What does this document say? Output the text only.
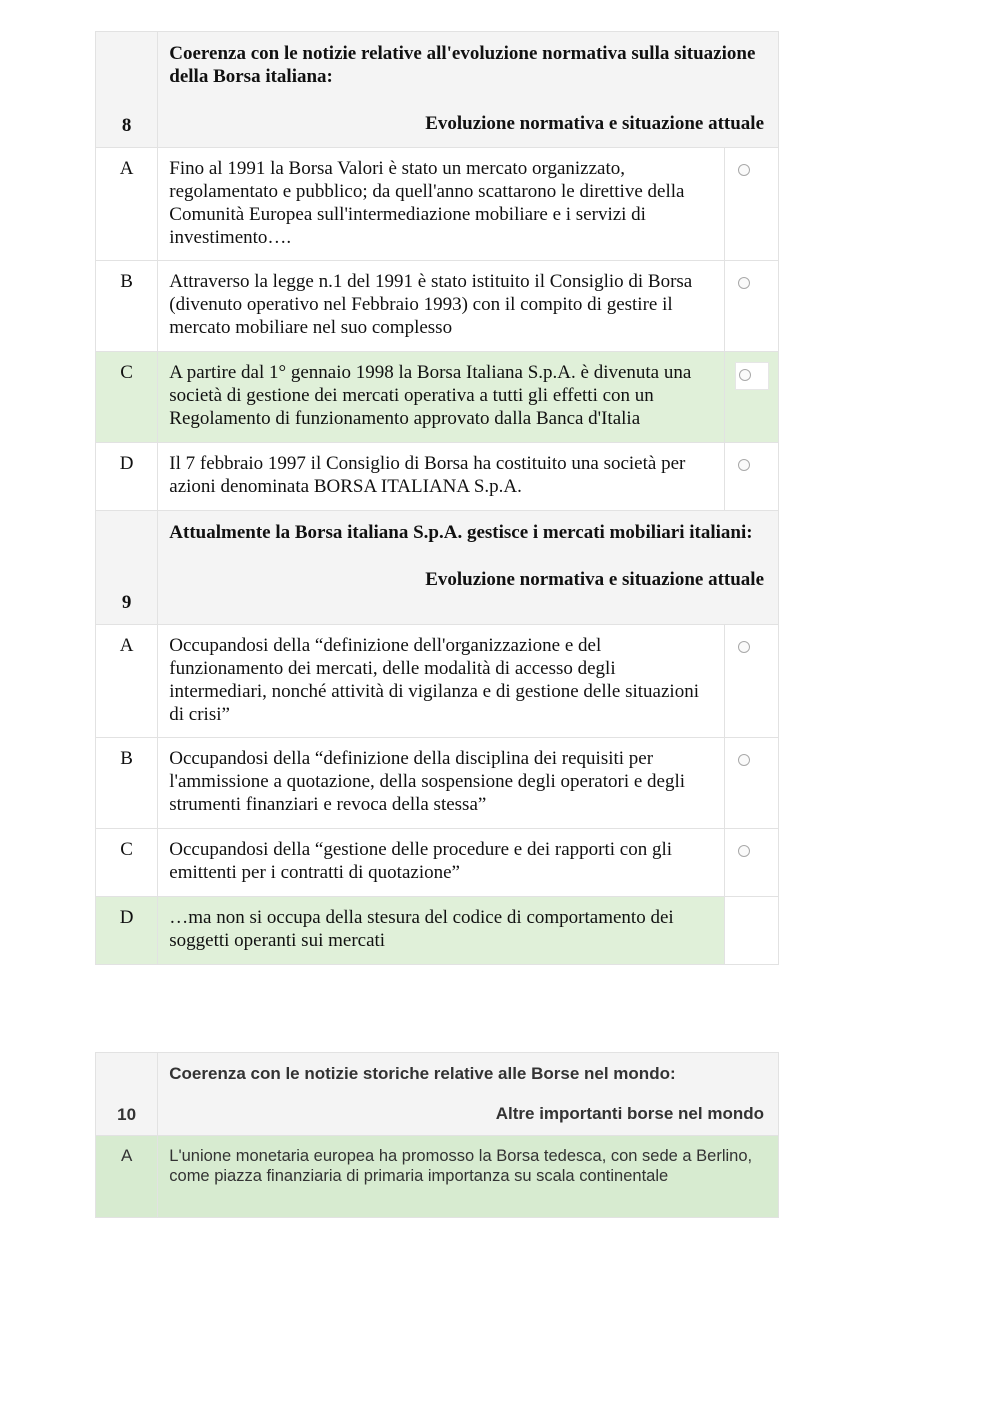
8	Coerenza con le notizie relative all'evoluzione normativa sulla situazione della Borsa italiana:
Evoluzione normativa e situazione attuale	

A	Fino al 1991 la Borsa Valori è stato un mercato organizzato, regolamentato e pubblico; da quell'anno scattarono le direttive della Comunità Europea sull'intermediazione mobiliare e i servizi di investimento….	

B	Attraverso la legge n.1 del 1991 è stato istituito il Consiglio di Borsa (divenuto operativo nel Febbraio 1993) con il compito di gestire il mercato mobiliare nel suo complesso	

C	A partire dal 1° gennaio 1998 la Borsa Italiana S.p.A. è divenuta una società di gestione dei mercati operativa a tutti gli effetti con un Regolamento di funzionamento approvato dalla Banca d'Italia	

D	Il 7 febbraio 1997 il Consiglio di Borsa ha costituito una società per azioni denominata BORSA ITALIANA S.p.A.	

9	Attualmente la Borsa italiana S.p.A. gestisce i mercati mobiliari italiani:
Evoluzione normativa e situazione attuale	

A	Occupandosi della “definizione dell'organizzazione e del funzionamento dei mercati, delle modalità di accesso degli intermediari, nonché attività di vigilanza e di gestione delle situazioni di crisi”	

B	Occupandosi della “definizione della disciplina dei requisiti per l'ammissione a quotazione, della sospensione degli operatori e degli strumenti finanziari e revoca della stessa”	

C	Occupandosi della “gestione delle procedure e dei rapporti con gli emittenti per i contratti di quotazione”	

D	…ma non si occupa della stesura del codice di comportamento dei soggetti operanti sui mercati	
10	Coerenza con le notizie storiche relative alle Borse nel mondo:
Altre importanti borse nel mondo

A	L'unione monetaria europea ha promosso la Borsa tedesca, con sede a Berlino, come piazza finanziaria di primaria importanza su scala continentale
